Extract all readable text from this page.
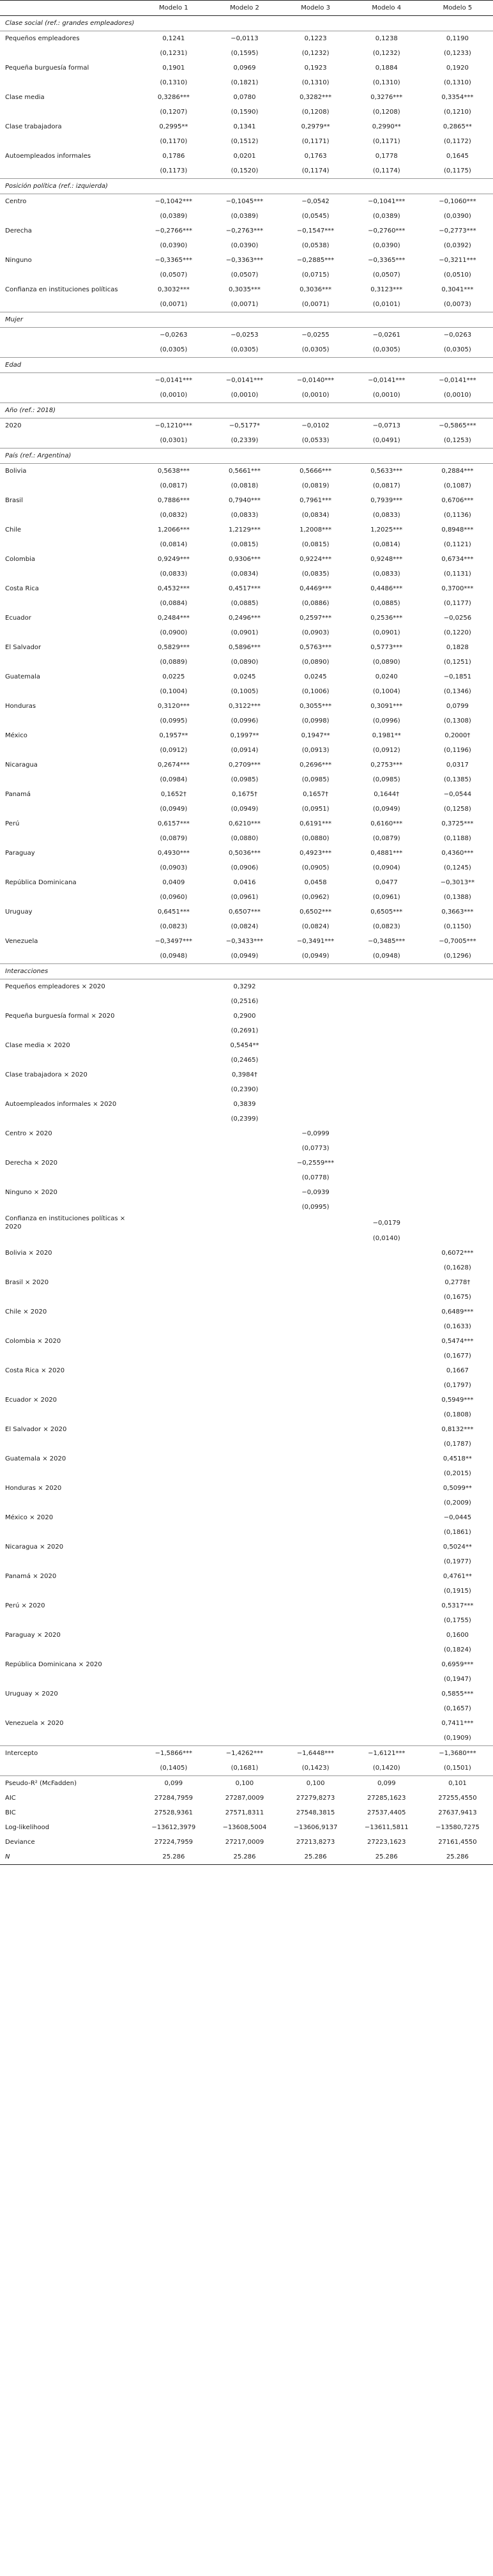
	Modelo 1	Modelo 2	Modelo 3	Modelo 4	Modelo 5
Clase social (ref.: grandes empleadores)					
Pequeños empleadores	0,1241	−0,0113	0,1223	0,1238	0,1190
	(0,1231)	(0,1595)	(0,1232)	(0,1232)	(0,1233)
Pequeña burguesía formal	0,1901	0,0969	0,1923	0,1884	0,1920
	(0,1310)	(0,1821)	(0,1310)	(0,1310)	(0,1310)
Clase media	0,3286***	0,0780	0,3282***	0,3276***	0,3354***
	(0,1207)	(0,1590)	(0,1208)	(0,1208)	(0,1210)
Clase trabajadora	0,2995**	0,1341	0,2979**	0,2990**	0,2865**
	(0,1170)	(0,1512)	(0,1171)	(0,1171)	(0,1172)
Autoempleados informales	0,1786	0,0201	0,1763	0,1778	0,1645
	(0,1173)	(0,1520)	(0,1174)	(0,1174)	(0,1175)
Posición política (ref.: izquierda)					
Centro	−0,1042***	−0,1045***	−0,0542	−0,1041***	−0,1060***
	(0,0389)	(0,0389)	(0,0545)	(0,0389)	(0,0390)
Derecha	−0,2766***	−0,2763***	−0,1547***	−0,2760***	−0,2773***
	(0,0390)	(0,0390)	(0,0538)	(0,0390)	(0,0392)
Ninguno	−0,3365***	−0,3363***	−0,2885***	−0,3365***	−0,3211***
	(0,0507)	(0,0507)	(0,0715)	(0,0507)	(0,0510)
Confianza en instituciones políticas	0,3032***	0,3035***	0,3036***	0,3123***	0,3041***
	(0,0071)	(0,0071)	(0,0071)	(0,0101)	(0,0073)
Mujer					
	−0,0263	−0,0253	−0,0255	−0,0261	−0,0263
	(0,0305)	(0,0305)	(0,0305)	(0,0305)	(0,0305)
Edad					
	−0,0141***	−0,0141***	−0,0140***	−0,0141***	−0,0141***
	(0,0010)	(0,0010)	(0,0010)	(0,0010)	(0,0010)
Año (ref.: 2018)					
2020	−0,1210***	−0,5177*	−0,0102	−0,0713	−0,5865***
	(0,0301)	(0,2339)	(0,0533)	(0,0491)	(0,1253)
País (ref.: Argentina)					
Bolivia	0,5638***	0,5661***	0,5666***	0,5633***	0,2884***
	(0,0817)	(0,0818)	(0,0819)	(0,0817)	(0,1087)
Brasil	0,7886***	0,7940***	0,7961***	0,7939***	0,6706***
	(0,0832)	(0,0833)	(0,0834)	(0,0833)	(0,1136)
Chile	1,2066***	1,2129***	1,2008***	1,2025***	0,8948***
	(0,0814)	(0,0815)	(0,0815)	(0,0814)	(0,1121)
Colombia	0,9249***	0,9306***	0,9224***	0,9248***	0,6734***
	(0,0833)	(0,0834)	(0,0835)	(0,0833)	(0,1131)
Costa Rica	0,4532***	0,4517***	0,4469***	0,4486***	0,3700***
	(0,0884)	(0,0885)	(0,0886)	(0,0885)	(0,1177)
Ecuador	0,2484***	0,2496***	0,2597***	0,2536***	−0,0256
	(0,0900)	(0,0901)	(0,0903)	(0,0901)	(0,1220)
El Salvador	0,5829***	0,5896***	0,5763***	0,5773***	0,1828
	(0,0889)	(0,0890)	(0,0890)	(0,0890)	(0,1251)
Guatemala	0,0225	0,0245	0,0245	0,0240	−0,1851
	(0,1004)	(0,1005)	(0,1006)	(0,1004)	(0,1346)
Honduras	0,3120***	0,3122***	0,3055***	0,3091***	0,0799
	(0,0995)	(0,0996)	(0,0998)	(0,0996)	(0,1308)
México	0,1957**	0,1997**	0,1947**	0,1981**	0,2000†
	(0,0912)	(0,0914)	(0,0913)	(0,0912)	(0,1196)
Nicaragua	0,2674***	0,2709***	0,2696***	0,2753***	0,0317
	(0,0984)	(0,0985)	(0,0985)	(0,0985)	(0,1385)
Panamá	0,1652†	0,1675†	0,1657†	0,1644†	−0,0544
	(0,0949)	(0,0949)	(0,0951)	(0,0949)	(0,1258)
Perú	0,6157***	0,6210***	0,6191***	0,6160***	0,3725***
	(0,0879)	(0,0880)	(0,0880)	(0,0879)	(0,1188)
Paraguay	0,4930***	0,5036***	0,4923***	0,4881***	0,4360***
	(0,0903)	(0,0906)	(0,0905)	(0,0904)	(0,1245)
República Dominicana	0,0409	0,0416	0,0458	0,0477	−0,3013**
	(0,0960)	(0,0961)	(0,0962)	(0,0961)	(0,1388)
Uruguay	0,6451***	0,6507***	0,6502***	0,6505***	0,3663***
	(0,0823)	(0,0824)	(0,0824)	(0,0823)	(0,1150)
Venezuela	−0,3497***	−0,3433***	−0,3491***	−0,3485***	−0,7005***
	(0,0948)	(0,0949)	(0,0949)	(0,0948)	(0,1296)
Interacciones					
Pequeños empleadores × 2020		0,3292			
		(0,2516)			
Pequeña burguesía formal × 2020		0,2900			
		(0,2691)			
Clase media × 2020		0,5454**			
		(0,2465)			
Clase trabajadora × 2020		0,3984†			
		(0,2390)			
Autoempleados informales × 2020		0,3839			
		(0,2399)			
Centro × 2020			−0,0999		
			(0,0773)		
Derecha × 2020			−0,2559***		
			(0,0778)		
Ninguno × 2020			−0,0939		
			(0,0995)		
Confianza en instituciones políticas × 2020				−0,0179	
				(0,0140)	
Bolivia × 2020					0,6072***
					(0,1628)
Brasil × 2020					0,2778†
					(0,1675)
Chile × 2020					0,6489***
					(0,1633)
Colombia × 2020					0,5474***
					(0,1677)
Costa Rica × 2020					0,1667
					(0,1797)
Ecuador × 2020					0,5949***
					(0,1808)
El Salvador × 2020					0,8132***
					(0,1787)
Guatemala × 2020					0,4518**
					(0,2015)
Honduras × 2020					0,5099**
					(0,2009)
México × 2020					−0,0445
					(0,1861)
Nicaragua × 2020					0,5024**
					(0,1977)
Panamá × 2020					0,4761**
					(0,1915)
Perú × 2020					0,5317***
					(0,1755)
Paraguay × 2020					0,1600
					(0,1824)
República Dominicana × 2020					0,6959***
					(0,1947)
Uruguay × 2020					0,5855***
					(0,1657)
Venezuela × 2020					0,7411***
					(0,1909)
Intercepto	−1,5866***	−1,4262***	−1,6448***	−1,6121***	−1,3680***
	(0,1405)	(0,1681)	(0,1423)	(0,1420)	(0,1501)
Pseudo-R² (McFadden)	0,099	0,100	0,100	0,099	0,101
AIC	27284,7959	27287,0009	27279,8273	27285,1623	27255,4550
BIC	27528,9361	27571,8311	27548,3815	27537,4405	27637,9413
Log-likelihood	−13612,3979	−13608,5004	−13606,9137	−13611,5811	−13580,7275
Deviance	27224,7959	27217,0009	27213,8273	27223,1623	27161,4550
N	25.286	25.286	25.286	25.286	25.286
